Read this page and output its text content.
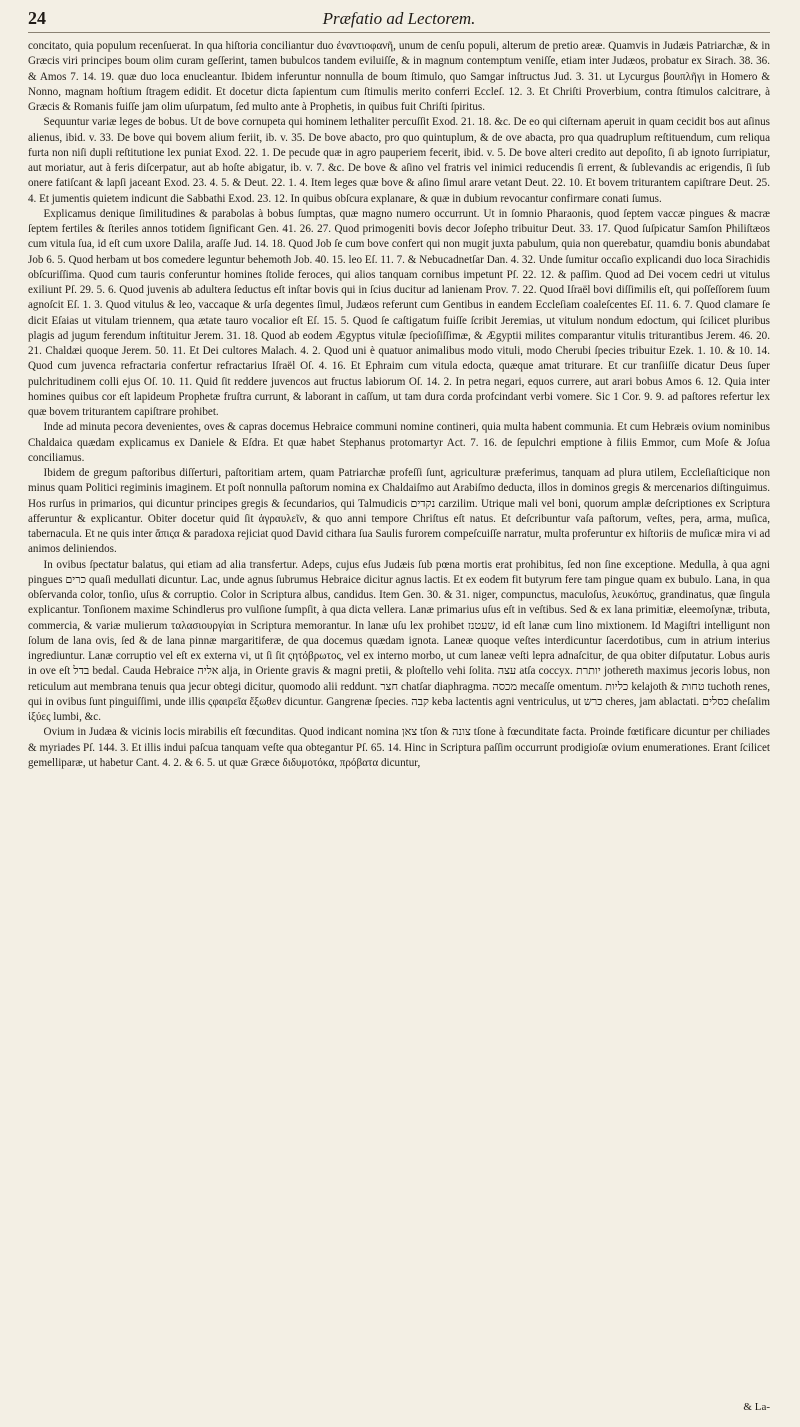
24	Præfatio ad Lectorem.

concitato, quia populum recenſuerat. In qua hiſtoria conciliantur duo ἐναντιοφανῆ, unum de cenſu populi, alterum de pretio areæ. Quamvis in Judæis Patriarchæ, & in Græcis viri principes boum olim curam geſſerint, tamen bubulcos tandem eviluiſſe, & in magnum contemptum veniſſe, etiam inter Judæos, probatur ex Sirach. 38. 36. & Amos 7. 14. 19. quæ duo loca enucleantur. Ibidem inferuntur nonnulla de boum ſtimulo, quo Samgar inſtructus Jud. 3. 31. ut Lycurgus βουπλῆγι in Homero & Nonno, magnam hoſtium ſtragem edidit. Et docetur dicta ſapientum cum ſtimulis merito conferri Eccleſ. 12. 3. Et Chriſti Proverbium, contra ſtimulos calcitrare, à Græcis & Romanis fuiſſe jam olim uſurpatum, ſed multo ante à Prophetis, in quibus fuit Chriſti ſpiritus.

Sequuntur variæ leges de bobus. Ut de bove cornupeta qui hominem lethaliter percuſſit Exod. 21. 18. &c. De eo qui ciſternam aperuit in quam cecidit bos aut aſinus alienus, ibid. v. 33. De bove qui bovem alium feriit, ib. v. 35. De bove abacto, pro quo quintuplum, & de ove abacta, pro qua quadruplum reſtituendum, cum reliqua furta non niſi dupli reſtitutione lex puniat Exod. 22. 1. De pecude quæ in agro pauperiem fecerit, ibid. v. 5. De bove alteri credito aut depoſito, ſi ab ignoto ſurripiatur, aut moriatur, aut à feris diſcerpatur, aut ab hoſte abigatur, ib. v. 7. &c. De bove & aſino vel fratris vel inimici reducendis ſi errent, & ſublevandis ac erigendis, ſi ſub onere fatiſcant & lapſi jaceant Exod. 23. 4. 5. & Deut. 22. 1. 4. Item leges quæ bove & aſino ſimul arare vetant Deut. 22. 10. Et bovem triturantem capiſtrare Deut. 25. 4. Et jumentis quietem indicunt die Sabbathi Exod. 23. 12. In quibus obſcura explanare, & quæ in dubium revocantur confirmare conati ſumus.

Explicamus denique ſimilitudines & parabolas à bobus ſumptas, quæ magno numero occurrunt. Ut in ſomnio Pharaonis, quod ſeptem vaccæ pingues & macræ ſeptem fertiles & ſteriles annos totidem ſignificant Gen. 41. 26. 27. Quod primogeniti bovis decor Joſepho tribuitur Deut. 33. 17. Quod ſuſpicatur Samſon Philiſtæos cum vitula ſua, id eſt cum uxore Dalila, araſſe Jud. 14. 18. Quod Job ſe cum bove confert qui non mugit juxta pabulum, quia non querebatur, quamdiu bonis abundabat Job 6. 5. Quod herbam ut bos comedere leguntur behemoth Job. 40. 15. leo Eſ. 11. 7. & Nebucadnetſar Dan. 4. 32. Unde ſumitur occaſio explicandi duo loca Sirachidis obſcuriſſima. Quod cum tauris conferuntur homines ſtolide feroces, qui alios tanquam cornibus impetunt Pſ. 22. 12. & paſſim. Quod ad Dei vocem cedri ut vitulus exiliunt Pſ. 29. 5. 6. Quod juvenis ab adultera ſeductus eſt inſtar bovis qui in ſcius ducitur ad lanienam Prov. 7. 22. Quod Iſraël bovi diſſimilis eſt, qui poſſeſſorem ſuum agnoſcit Eſ. 1. 3. Quod vitulus & leo, vaccaque & urſa degentes ſimul, Judæos referunt cum Gentibus in eandem Eccleſiam coaleſcentes Eſ. 11. 6. 7. Quod clamare ſe dicit Eſaias ut vitulam triennem, qua ætate tauro vocalior eſt Eſ. 15. 5. Quod ſe caſtigatum fuiſſe ſcribit Jeremias, ut vitulum nondum edoctum, qui ſcilicet pluribus plagis ad jugum ferendum inſtituitur Jerem. 31. 18. Quod ab eodem Ægyptus vitulæ ſpecioſiſſimæ, & Ægyptii milites comparantur vitulis triturantibus Jerem. 46. 20. 21. Chaldæi quoque Jerem. 50. 11. Et Dei cultores Malach. 4. 2. Quod uni è quatuor animalibus modo vituli, modo Cherubi ſpecies tribuitur Ezek. 1. 10. & 10. 14. Quod cum juvenca refractaria confertur refractarius Iſraël Oſ. 4. 16. Et Ephraim cum vitula edocta, quæque amat triturare. Et cur tranſiiſſe dicatur Deus ſuper pulchritudinem colli ejus Oſ. 10. 11. Quid ſit reddere juvencos aut fructus labiorum Oſ. 14. 2. In petra negari, equos currere, aut arari bobus Amos 6. 12. Quia inter homines quibus cor eſt lapideum Prophetæ fruſtra currunt, & laborant in caſſum, ut tam dura corda profcindant verbi vomere. Sic 1 Cor. 9. 9. ad paſtores refertur lex quæ bovem triturantem capiſtrare prohibet.

Inde ad minuta pecora devenientes, oves & capras docemus Hebraice communi nomine contineri, quia multa habent communia. Et cum Hebræis ovium nominibus Chaldaica quædam explicamus ex Daniele & Eſdra. Et quæ habet Stephanus protomartyr Act. 7. 16. de ſepulchri emptione à filiis Emmor, cum Moſe & Joſua conciliamus.

Ibidem de gregum paſtoribus diſſerturi, paſtoritiam artem, quam Patriarchæ profeſſi ſunt, agriculturæ præferimus, tanquam ad plura utilem, Eccleſiaſticique non minus quam Politici regiminis imaginem. Et poſt nonnulla paſtorum nomina ex Chaldaiſmo aut Arabiſmo deducta, illos in dominos gregis & mercenarios diſtinguimus. Hos rurſus in primarios, qui dicuntur principes gregis & ſecundarios, qui Talmudicis נקדים carzilim. Utrique mali vel boni, quorum amplæ deſcriptiones ex Scriptura afferuntur & explicantur. Obiter docetur quid ſit ἀγραυλεῖν, & quo anni tempore Chriſtus eſt natus. Et deſcribuntur vaſa paſtorum, veſtes, pera, arma, muſica, tabernacula. Et ne quis inter ἄπιςα & paradoxa rejiciat quod David cithara ſua Saulis furorem compeſcuiſſe narratur, multa proferuntur ex hiſtoriis de muſicæ mira vi ad animos deliniendos.

In ovibus ſpectatur balatus, qui etiam ad alia transfertur. Adeps, cujus eſus Judæis ſub pœna mortis erat prohibitus, ſed non ſine exceptione. Medulla, à qua agni pingues כרים quaſi medullati dicuntur. Lac, unde agnus ſubrumus Hebraice dicitur agnus lactis. Et ex eodem fit butyrum fere tam pingue quam ex bubulo. Lana, in qua obſervanda color, tonſio, uſus & corruptio. Color in Scriptura albus, candidus. Item Gen. 30. & 31. niger, compunctus, maculoſus, λευκόπυς, grandinatus, quæ ſingula explicantur. Tonſionem maxime Schindlerus pro vulſione ſumpſit, à qua dicta vellera. Lanæ primarius uſus eſt in veſtibus. Sed & ex lana primitiæ, eleemoſynæ, tributa, commercia, & variæ mulierum ταλασιουργίαι in Scriptura memorantur. In lanæ uſu lex prohibet שעטנז, id eſt lanæ cum lino mixtionem. Id Magiſtri intelligunt non ſolum de lana ovis, ſed & de lana pinnæ margaritiferæ, de qua docemus quædam ignota. Laneæ quoque veſtes interdicuntur ſacerdotibus, cum in atrium interius ingrediuntur. Lanæ corruptio vel eſt ex externa vi, ut ſi ſit ςητόβρωτος, vel ex interno morbo, ut cum laneæ veſti lepra adnaſcitur, de qua obiter diſputatur. Lobus auris in ove eſt בדל bedal. Cauda Hebraice אליה alja, in Oriente gravis & magni pretii, & ploſtello vehi ſolita. עצה atſa coccyx. יותרת jothereth maximus jecoris lobus, non reticulum aut membrana tenuis qua jecur obtegi dicitur, quomodo alii reddunt. חצר chatſar diaphragma. מכסה mecaſſe omentum. כליות kelajoth & טחות tuchoth renes, qui in ovibus ſunt pinguiſſimi, unde illis ςφαιρεῖα ἔξωθεν dicuntur. Gangrenæ ſpecies. קבה keba lactentis agni ventriculus, ut כרש cheres, jam ablactati. כסלים cheſalim ἰξύες lumbi, &c.

Ovium in Judæa & vicinis locis mirabilis eſt fœcunditas. Quod indicant nomina צאן tſon & צונה tſone à fœcunditate facta. Proinde fœtificare dicuntur per chiliades & myriades Pſ. 144. 3. Et illis indui paſcua tanquam veſte qua obtegantur Pſ. 65. 14. Hinc in Scriptura paſſim occurrunt prodigioſæ ovium enumerationes. Erant ſcilicet gemelliparæ, ut habetur Cant. 4. 2. & 6. 5. ut quæ Græce διδυμοτόκα, πρόβατα dicuntur,

& La-
